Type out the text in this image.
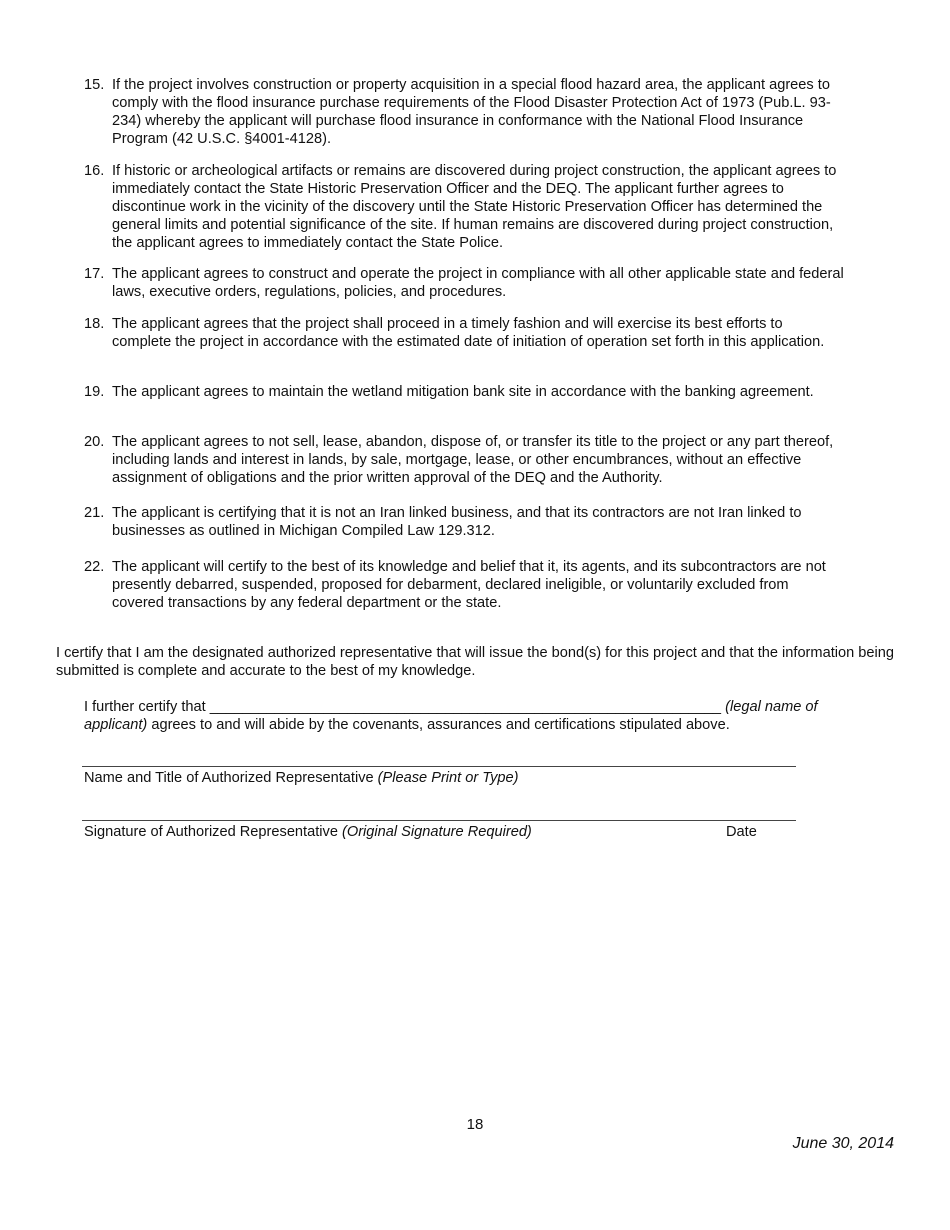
15. If the project involves construction or property acquisition in a special flood hazard area, the applicant agrees to comply with the flood insurance purchase requirements of the Flood Disaster Protection Act of 1973 (Pub.L. 93-234) whereby the applicant will purchase flood insurance in conformance with the National Flood Insurance Program (42 U.S.C. §4001-4128).
16. If historic or archeological artifacts or remains are discovered during project construction, the applicant agrees to immediately contact the State Historic Preservation Officer and the DEQ. The applicant further agrees to discontinue work in the vicinity of the discovery until the State Historic Preservation Officer has determined the general limits and potential significance of the site. If human remains are discovered during project construction, the applicant agrees to immediately contact the State Police.
17. The applicant agrees to construct and operate the project in compliance with all other applicable state and federal laws, executive orders, regulations, policies, and procedures.
18. The applicant agrees that the project shall proceed in a timely fashion and will exercise its best efforts to complete the project in accordance with the estimated date of initiation of operation set forth in this application.
19. The applicant agrees to maintain the wetland mitigation bank site in accordance with the banking agreement.
20. The applicant agrees to not sell, lease, abandon, dispose of, or transfer its title to the project or any part thereof, including lands and interest in lands, by sale, mortgage, lease, or other encumbrances, without an effective assignment of obligations and the prior written approval of the DEQ and the Authority.
21. The applicant is certifying that it is not an Iran linked business, and that its contractors are not Iran linked to businesses as outlined in Michigan Compiled Law 129.312.
22. The applicant will certify to the best of its knowledge and belief that it, its agents, and its subcontractors are not presently debarred, suspended, proposed for debarment, declared ineligible, or voluntarily excluded from covered transactions by any federal department or the state.
I certify that I am the designated authorized representative that will issue the bond(s) for this project and that the information being submitted is complete and accurate to the best of my knowledge.
I further certify that _______________________________________________________________ (legal name of applicant) agrees to and will abide by the covenants, assurances and certifications stipulated above.
Name and Title of Authorized Representative (Please Print or Type)
Signature of Authorized Representative (Original Signature Required)	Date
18
June 30, 2014
